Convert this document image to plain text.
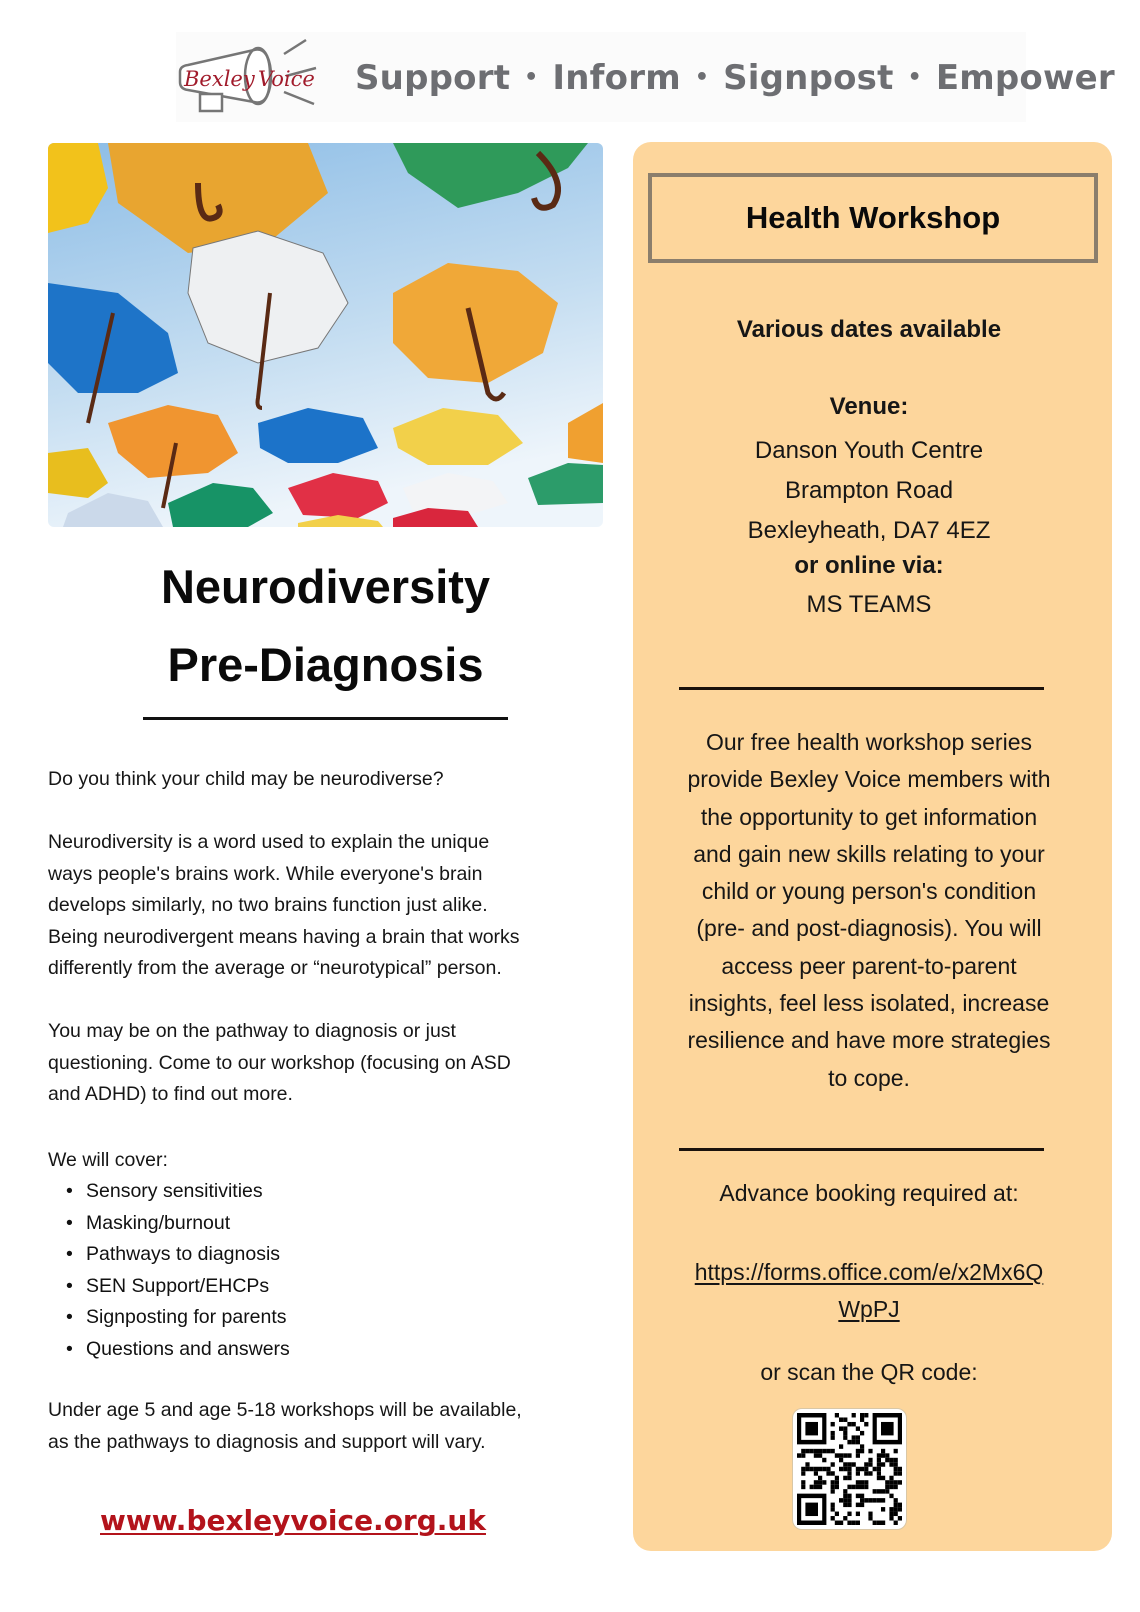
Bexley Voice Support • Inform • Signpost • Empower
Neurodiversity
Pre-Diagnosis
Do you think your child may be neurodiverse?
Neurodiversity is a word used to explain the unique
ways people's brains work. While everyone's brain
develops similarly, no two brains function just alike.
Being neurodivergent means having a brain that works
differently from the average or “neurotypical” person.
You may be on the pathway to diagnosis or just
questioning. Come to our workshop (focusing on ASD
and ADHD) to find out more.
We will cover:
• Sensory sensitivities
• Masking/burnout
• Pathways to diagnosis
• SEN Support/EHCPs
• Signposting for parents
• Questions and answers
Under age 5 and age 5-18 workshops will be available,
as the pathways to diagnosis and support will vary.
www.bexleyvoice.org.uk
Health Workshop
Various dates available
Venue:
Danson Youth Centre
Brampton Road
Bexleyheath, DA7 4EZ
or online via:
MS TEAMS
Our free health workshop series
provide Bexley Voice members with
the opportunity to get information
and gain new skills relating to your
child or young person's condition
(pre- and post-diagnosis). You will
access peer parent-to-parent
insights, feel less isolated, increase
resilience and have more strategies
to cope.
Advance booking required at:
https://forms.office.com/e/x2Mx6Q
WpPJ
or scan the QR code:
